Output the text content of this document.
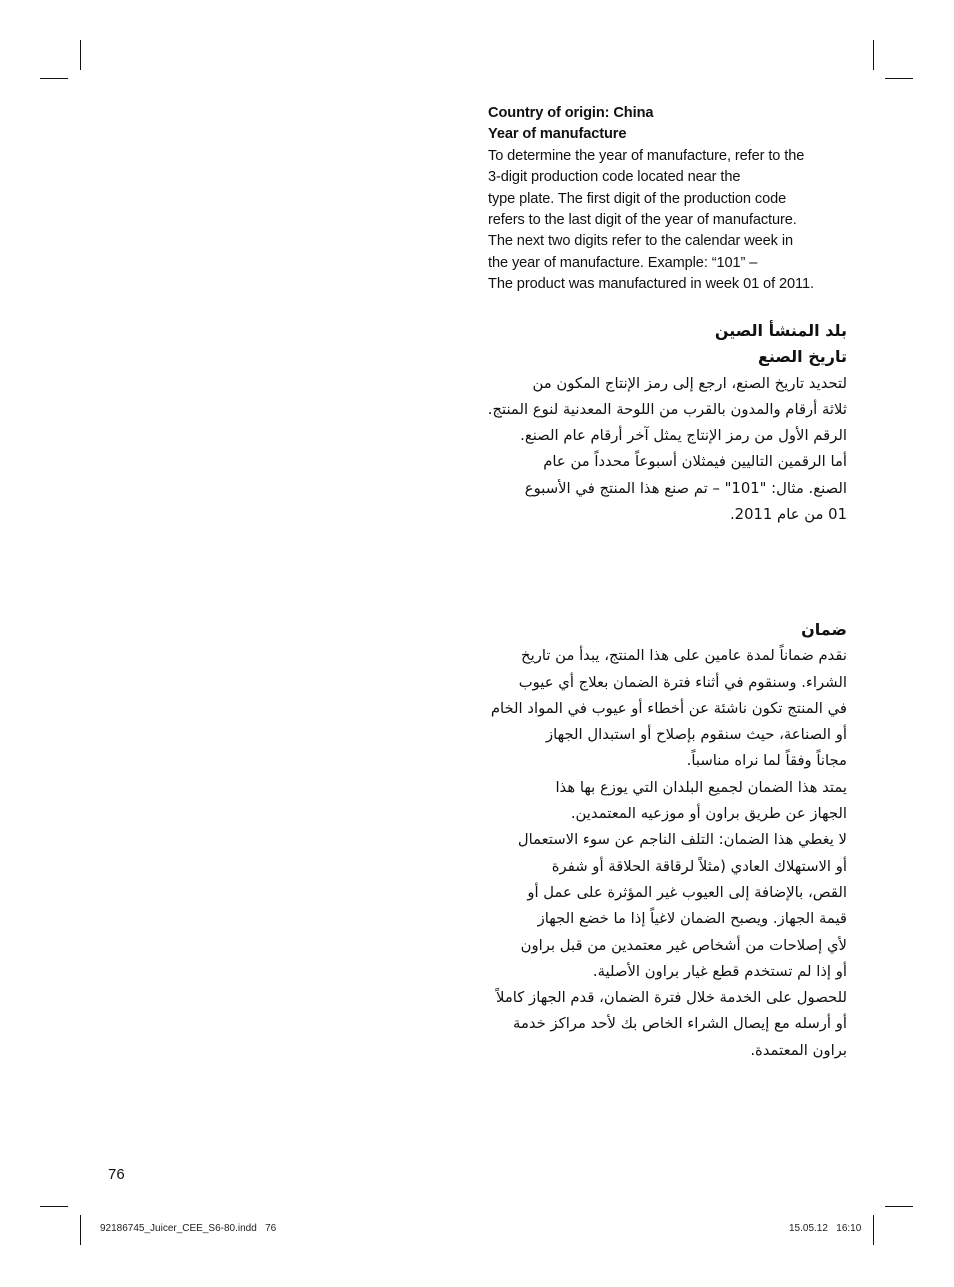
Country of origin: China
Year of manufacture
To determine the year of manufacture, refer to the
3-digit production code located near the
type plate. The first digit of the production code
refers to the last digit of the year of manufacture.
The next two digits refer to the calendar week in
the year of manufacture. Example: “101” –
The product was manufactured in week 01 of 2011.
بلد المنشأ الصين
تاريخ الصنع
لتحديد تاريخ الصنع، ارجع إلى رمز الإنتاج المكون من
ثلاثة أرقام والمدون بالقرب من اللوحة المعدنية لنوع المنتج.
الرقم الأول من رمز الإنتاج يمثل آخر أرقام عام الصنع.
أما الرقمين التاليين فيمثلان أسبوعاً محدداً من عام
الصنع. مثال: "101" – تم صنع هذا المنتج في الأسبوع
01 من عام 2011.
ضمان
نقدم ضماناً لمدة عامين على هذا المنتج، يبدأ من تاريخ
الشراء. وسنقوم في أثناء فترة الضمان بعلاج أي عيوب
في المنتج تكون ناشئة عن أخطاء أو عيوب في المواد الخام
أو الصناعة، حيث سنقوم بإصلاح أو استبدال الجهاز
مجاناً وفقاً لما نراه مناسباً.
يمتد هذا الضمان لجميع البلدان التي يوزع بها هذا
الجهاز عن طريق براون أو موزعيه المعتمدين.
لا يغطي هذا الضمان: التلف الناجم عن سوء الاستعمال
أو الاستهلاك العادي (مثلاً لرقاقة الحلاقة أو شفرة
القص، بالإضافة إلى العيوب غير المؤثرة على عمل أو
قيمة الجهاز. ويصبح الضمان لاغياً إذا ما خضع الجهاز
لأي إصلاحات من أشخاص غير معتمدين من قبل براون
أو إذا لم تستخدم قطع غيار براون الأصلية.
للحصول على الخدمة خلال فترة الضمان، قدم الجهاز كاملاً
أو أرسله مع إيصال الشراء الخاص بك لأحد مراكز خدمة
براون المعتمدة.
76
92186745_Juicer_CEE_S6-80.indd   76	15.05.12   16:10
